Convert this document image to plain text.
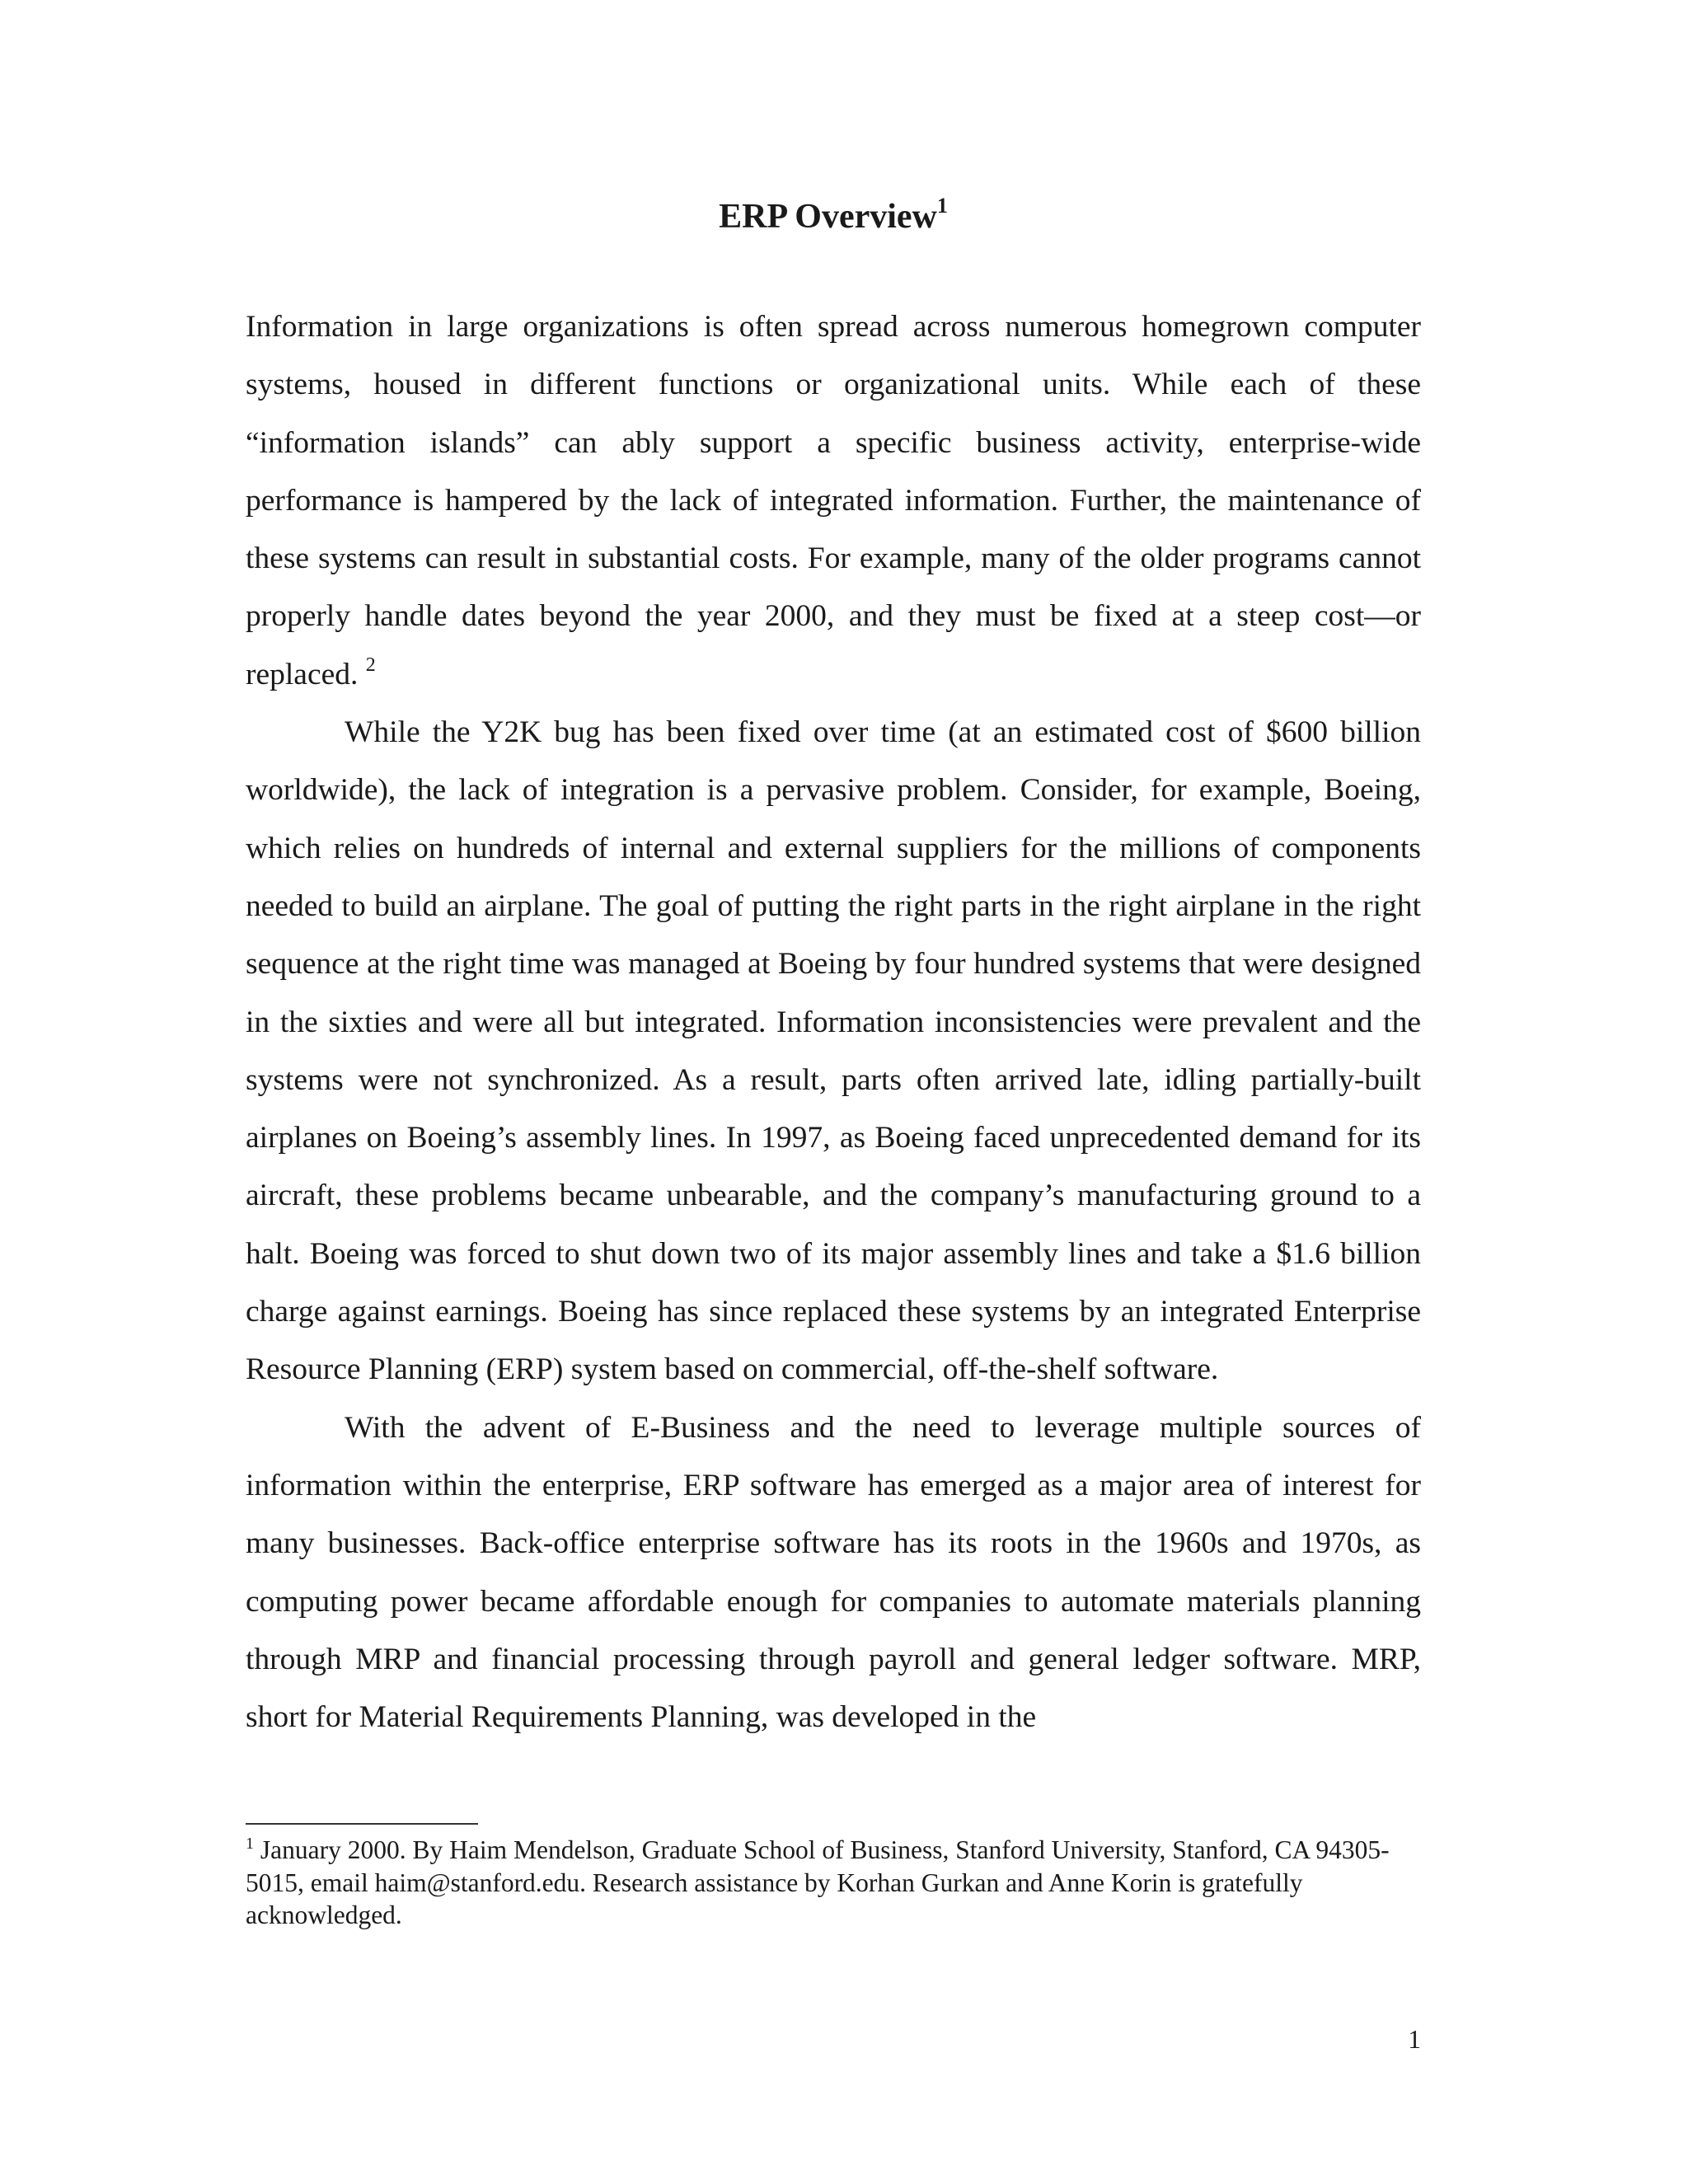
ERP Overview$^1$

Information in large organizations is often spread across numerous homegrown computer systems, housed in different functions or organizational units. While each of these “information islands” can ably support a specific business activity, enterprise-wide performance is hampered by the lack of integrated information. Further, the maintenance of these systems can result in substantial costs. For example, many of the older programs cannot properly handle dates beyond the year 2000, and they must be fixed at a steep cost—or replaced. $^2$

While the Y2K bug has been fixed over time (at an estimated cost of $600 billion worldwide), the lack of integration is a pervasive problem. Consider, for example, Boeing, which relies on hundreds of internal and external suppliers for the millions of components needed to build an airplane. The goal of putting the right parts in the right airplane in the right sequence at the right time was managed at Boeing by four hundred systems that were designed in the sixties and were all but integrated. Information inconsistencies were prevalent and the systems were not synchronized. As a result, parts often arrived late, idling partially-built airplanes on Boeing’s assembly lines. In 1997, as Boeing faced unprecedented demand for its aircraft, these problems became unbearable, and the company’s manufacturing ground to a halt. Boeing was forced to shut down two of its major assembly lines and take a $1.6 billion charge against earnings. Boeing has since replaced these systems by an integrated Enterprise Resource Planning (ERP) system based on commercial, off-the-shelf software.

With the advent of E-Business and the need to leverage multiple sources of information within the enterprise, ERP software has emerged as a major area of interest for many businesses. Back-office enterprise software has its roots in the 1960s and 1970s, as computing power became affordable enough for companies to automate materials planning through MRP and financial processing through payroll and general ledger software. MRP, short for Material Requirements Planning, was developed in the

$^1$ January 2000. By Haim Mendelson, Graduate School of Business, Stanford University, Stanford, CA 94305-5015, email haim@stanford.edu. Research assistance by Korhan Gurkan and Anne Korin is gratefully acknowledged.

1
